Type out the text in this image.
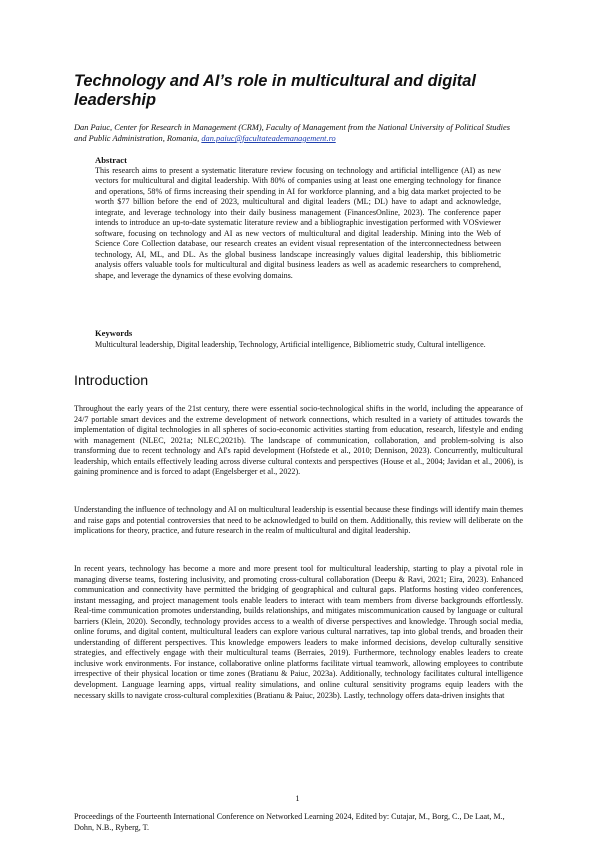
Technology and AI’s role in multicultural and digital leadership

Dan Paiuc, Center for Research in Management (CRM), Faculty of Management from the National University of Political Studies and Public Administration, Romania, dan.paiuc@facultateademanagement.ro

Abstract

This research aims to present a systematic literature review focusing on technology and artificial intelligence (AI) as new vectors for multicultural and digital leadership. With 80% of companies using at least one emerging technology for finance and operations, 58% of firms increasing their spending in AI for workforce planning, and a big data market projected to be worth $77 billion before the end of 2023, multicultural and digital leaders (ML; DL) have to adapt and acknowledge, integrate, and leverage technology into their daily business management (FinancesOnline, 2023). The conference paper intends to introduce an up-to-date systematic literature review and a bibliographic investigation performed with VOSviewer software, focusing on technology and AI as new vectors of multicultural and digital leadership. Mining into the Web of Science Core Collection database, our research creates an evident visual representation of the interconnectedness between technology, AI, ML, and DL. As the global business landscape increasingly values digital leadership, this bibliometric analysis offers valuable tools for multicultural and digital business leaders as well as academic researchers to comprehend, shape, and leverage the dynamics of these evolving domains.

Keywords

Multicultural leadership, Digital leadership, Technology, Artificial intelligence, Bibliometric study, Cultural intelligence.

Introduction

Throughout the early years of the 21st century, there were essential socio-technological shifts in the world, including the appearance of 24/7 portable smart devices and the extreme development of network connections, which resulted in a variety of attitudes towards the implementation of digital technologies in all spheres of socio-economic activities starting from education, research, lifestyle and ending with management (NLEC, 2021a; NLEC,2021b). The landscape of communication, collaboration, and problem-solving is also transforming due to recent technology and AI's rapid development (Hofstede et al., 2010; Dennison, 2023). Concurrently, multicultural leadership, which entails effectively leading across diverse cultural contexts and perspectives (House et al., 2004; Javidan et al., 2006), is gaining prominence and is forced to adapt (Engelsberger et al., 2022).

Understanding the influence of technology and AI on multicultural leadership is essential because these findings will identify main themes and raise gaps and potential controversies that need to be acknowledged to build on them. Additionally, this review will deliberate on the implications for theory, practice, and future research in the realm of multicultural and digital leadership.

In recent years, technology has become a more and more present tool for multicultural leadership, starting to play a pivotal role in managing diverse teams, fostering inclusivity, and promoting cross-cultural collaboration (Deepu & Ravi, 2021; Eira, 2023). Enhanced communication and connectivity have permitted the bridging of geographical and cultural gaps. Platforms hosting video conferences, instant messaging, and project management tools enable leaders to interact with team members from diverse backgrounds effortlessly. Real-time communication promotes understanding, builds relationships, and mitigates miscommunication caused by language or cultural barriers (Klein, 2020). Secondly, technology provides access to a wealth of diverse perspectives and knowledge. Through social media, online forums, and digital content, multicultural leaders can explore various cultural narratives, tap into global trends, and broaden their understanding of different perspectives. This knowledge empowers leaders to make informed decisions, develop culturally sensitive strategies, and effectively engage with their multicultural teams (Berraies, 2019). Furthermore, technology enables leaders to create inclusive work environments. For instance, collaborative online platforms facilitate virtual teamwork, allowing employees to contribute irrespective of their physical location or time zones (Bratianu & Paiuc, 2023a). Additionally, technology facilitates cultural intelligence development. Language learning apps, virtual reality simulations, and online cultural sensitivity programs equip leaders with the necessary skills to navigate cross-cultural complexities (Bratianu & Paiuc, 2023b). Lastly, technology offers data-driven insights that

1

Proceedings of the Fourteenth International Conference on Networked Learning 2024, Edited by: Cutajar, M., Borg, C., De Laat, M., Dohn, N.B., Ryberg, T.
